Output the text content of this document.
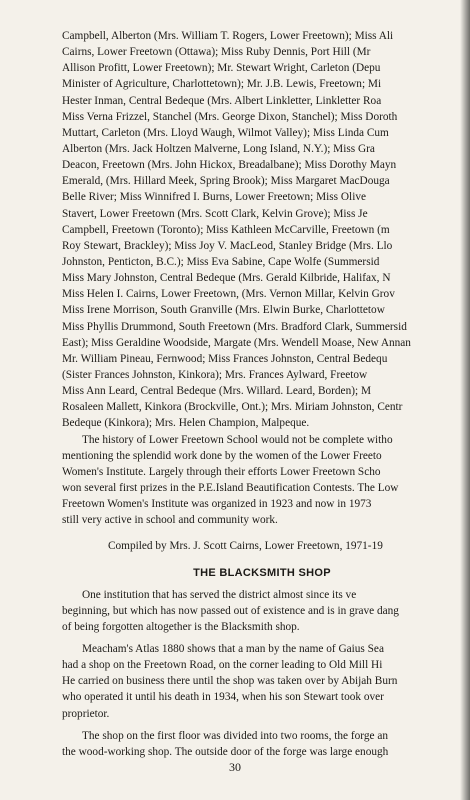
Campbell, Alberton (Mrs. William T. Rogers, Lower Freetown); Miss Ali
Cairns, Lower Freetown (Ottawa); Miss Ruby Dennis, Port Hill (Mr
Allison Profitt, Lower Freetown); Mr. Stewart Wright, Carleton (Depu
Minister of Agriculture, Charlottetown); Mr. J.B. Lewis, Freetown; Mi
Hester Inman, Central Bedeque (Mrs. Albert Linkletter, Linkletter Roa
Miss Verna Frizzel, Stanchel (Mrs. George Dixon, Stanchel); Miss Doroth
Muttart, Carleton (Mrs. Lloyd Waugh, Wilmot Valley); Miss Linda Cum
Alberton (Mrs. Jack Holtzen Malverne, Long Island, N.Y.); Miss Gra
Deacon, Freetown (Mrs. John Hickox, Breadalbane); Miss Dorothy Mayn
Emerald, (Mrs. Hillard Meek, Spring Brook); Miss Margaret MacDouga
Belle River; Miss Winnifred I. Burns, Lower Freetown; Miss Olive
Stavert, Lower Freetown (Mrs. Scott Clark, Kelvin Grove); Miss Je
Campbell, Freetown (Toronto); Miss Kathleen McCarville, Freetown (m
Roy Stewart, Brackley); Miss Joy V. MacLeod, Stanley Bridge (Mrs. Llo
Johnston, Penticton, B.C.); Miss Eva Sabine, Cape Wolfe (Summersid
Miss Mary Johnston, Central Bedeque (Mrs. Gerald Kilbride, Halifax, N
Miss Helen I. Cairns, Lower Freetown, (Mrs. Vernon Millar, Kelvin Grov
Miss Irene Morrison, South Granville (Mrs. Elwin Burke, Charlottetow
Miss Phyllis Drummond, South Freetown (Mrs. Bradford Clark, Summersid
East); Miss Geraldine Woodside, Margate (Mrs. Wendell Moase, New Annan
Mr. William Pineau, Fernwood; Miss Frances Johnston, Central Bedequ
(Sister Frances Johnston, Kinkora); Mrs. Frances Aylward, Freetow
Miss Ann Leard, Central Bedeque (Mrs. Willard. Leard, Borden); M
Rosaleen Mallett, Kinkora (Brockville, Ont.); Mrs. Miriam Johnston, Centr
Bedeque (Kinkora); Mrs. Helen Champion, Malpeque.
The history of Lower Freetown School would not be complete witho
mentioning the splendid work done by the women of the Lower Freeto
Women's Institute. Largely through their efforts Lower Freetown Scho
won several first prizes in the P.E.Island Beautification Contests. The Low
Freetown Women's Institute was organized in 1923 and now in 1973
still very active in school and community work.
Compiled by Mrs. J. Scott Cairns, Lower Freetown, 1971-19
THE BLACKSMITH SHOP
One institution that has served the district almost since its ve
beginning, but which has now passed out of existence and is in grave dang
of being forgotten altogether is the Blacksmith shop.
Meacham's Atlas 1880 shows that a man by the name of Gaius Sea
had a shop on the Freetown Road, on the corner leading to Old Mill Hi
He carried on business there until the shop was taken over by Abijah Burn
who operated it until his death in 1934, when his son Stewart took over
proprietor.
The shop on the first floor was divided into two rooms, the forge an
the wood-working shop. The outside door of the forge was large enough
30
